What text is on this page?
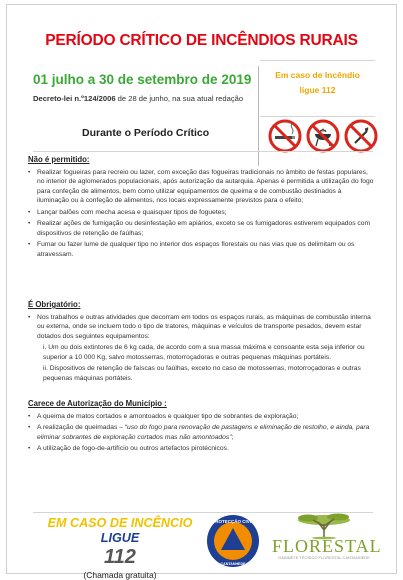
PERÍODO CRÍTICO DE INCÊNDIOS RURAIS
01 julho a 30 de setembro de 2019
Decreto-lei n.º124/2006 de 28 de junho, na sua atual redação
Em caso de Incêndio
ligue 112
Durante o Período Crítico
Não é permitido:
• Realizar fogueiras para recreio ou lazer, com exceção das fogueiras tradicionais no âmbito de festas populares, no interior de aglomerados populacionais, após autorização da autarquia. Apenas é permitida a utilização do fogo para confeção de alimentos, bem como utilizar equipamentos de queima e de combustão destinados à iluminação ou à confeção de alimentos, nos locais expressamente previstos para o efeito;
• Lançar balões com mecha acesa e quaisquer tipos de foguetes;
• Realizar ações de fumigação ou desinfestação em apiários, exceto se os fumigadores estiverem equipados com dispositivos de retenção de faúlhas;
• Fumar ou fazer lume de qualquer tipo no interior dos espaços florestais ou nas vias que os delimitam ou os atravessam.
É Obrigatório:
• Nos trabalhos e outras atividades que decorram em todos os espaços rurais, as máquinas de combustão interna ou externa, onde se incluem todo o tipo de tratores, máquinas e veículos de transporte pesados, devem estar dotados dos seguintes equipamentos:
i. Um ou dois extintores de 6 kg cada, de acordo com a sua massa máxima e consoante esta seja inferior ou superior a 10 000 Kg, salvo motosserras, motorroçadoras e outras pequenas máquinas portáteis.
ii. Dispositivos de retenção de faíscas ou faúlhas, exceto no caso de motosserras, motorroçadoras e outras pequenas máquinas portáteis.
Carece de Autorização do Município :
• A queima de matos cortados e amontoados e qualquer tipo de sobrantes de exploração;
• A realização de queimadas – “uso do fogo para renovação de pastagens e eliminação de restolho, e ainda, para eliminar sobrantes de exploração cortados mas não amontoados”;
• A utilização de fogo-de-artifício ou outros artefactos pirotécnicos.
EM CASO DE INCÊNCIO
LIGUE
112
(Chamada gratuita)
PROTECÇÃO CIVIL
CANTANHEDE
FLORESTAL
GABINETE TÉCNICO FLORESTAL CANTANHEDE
